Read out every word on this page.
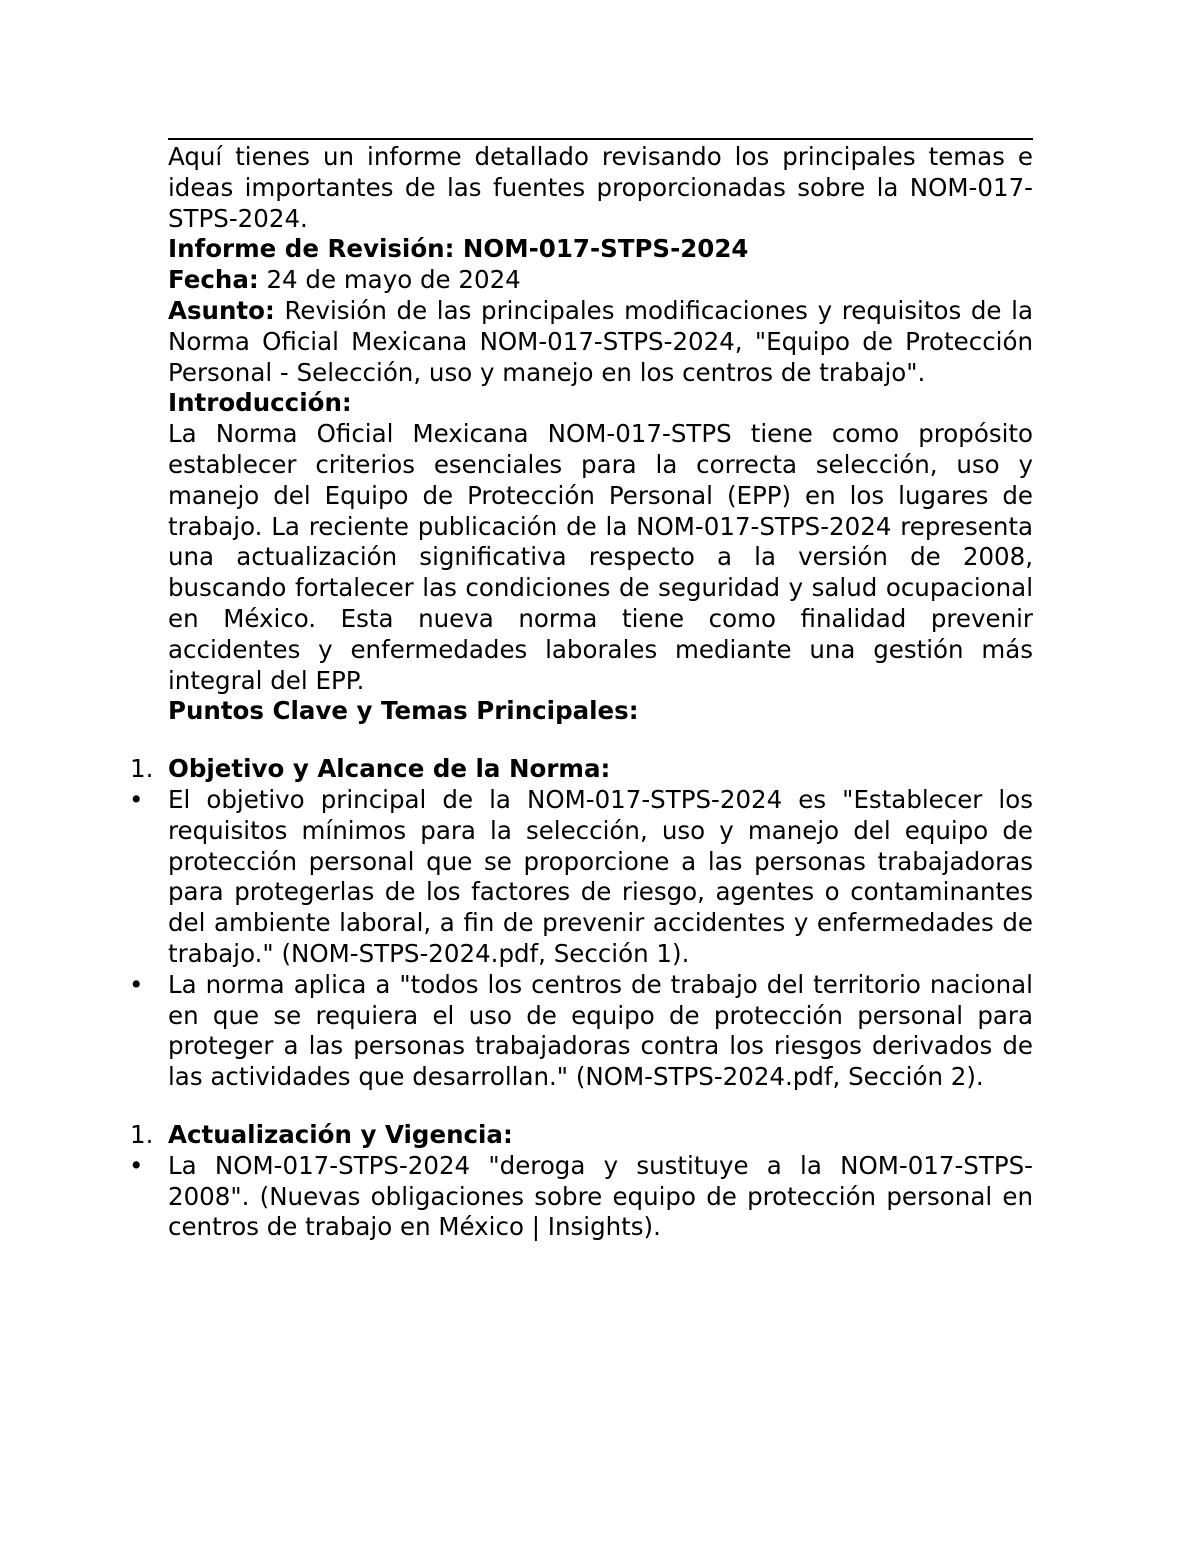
Aquí tienes un informe detallado revisando los principales temas e ideas importantes de las fuentes proporcionadas sobre la NOM-017-STPS-2024.

Informe de Revisión: NOM-017-STPS-2024

Fecha: 24 de mayo de 2024

Asunto: Revisión de las principales modificaciones y requisitos de la Norma Oficial Mexicana NOM-017-STPS-2024, "Equipo de Protección Personal - Selección, uso y manejo en los centros de trabajo".

Introducción:

La Norma Oficial Mexicana NOM-017-STPS tiene como propósito establecer criterios esenciales para la correcta selección, uso y manejo del Equipo de Protección Personal (EPP) en los lugares de trabajo. La reciente publicación de la NOM-017-STPS-2024 representa una actualización significativa respecto a la versión de 2008, buscando fortalecer las condiciones de seguridad y salud ocupacional en México. Esta nueva norma tiene como finalidad prevenir accidentes y enfermedades laborales mediante una gestión más integral del EPP.

Puntos Clave y Temas Principales:

1. Objetivo y Alcance de la Norma:

• El objetivo principal de la NOM-017-STPS-2024 es "Establecer los requisitos mínimos para la selección, uso y manejo del equipo de protección personal que se proporcione a las personas trabajadoras para protegerlas de los factores de riesgo, agentes o contaminantes del ambiente laboral, a fin de prevenir accidentes y enfermedades de trabajo." (NOM-STPS-2024.pdf, Sección 1).
• La norma aplica a "todos los centros de trabajo del territorio nacional en que se requiera el uso de equipo de protección personal para proteger a las personas trabajadoras contra los riesgos derivados de las actividades que desarrollan." (NOM-STPS-2024.pdf, Sección 2).

1. Actualización y Vigencia:

• La NOM-017-STPS-2024 "deroga y sustituye a la NOM-017-STPS-2008". (Nuevas obligaciones sobre equipo de protección personal en centros de trabajo en México | Insights).
